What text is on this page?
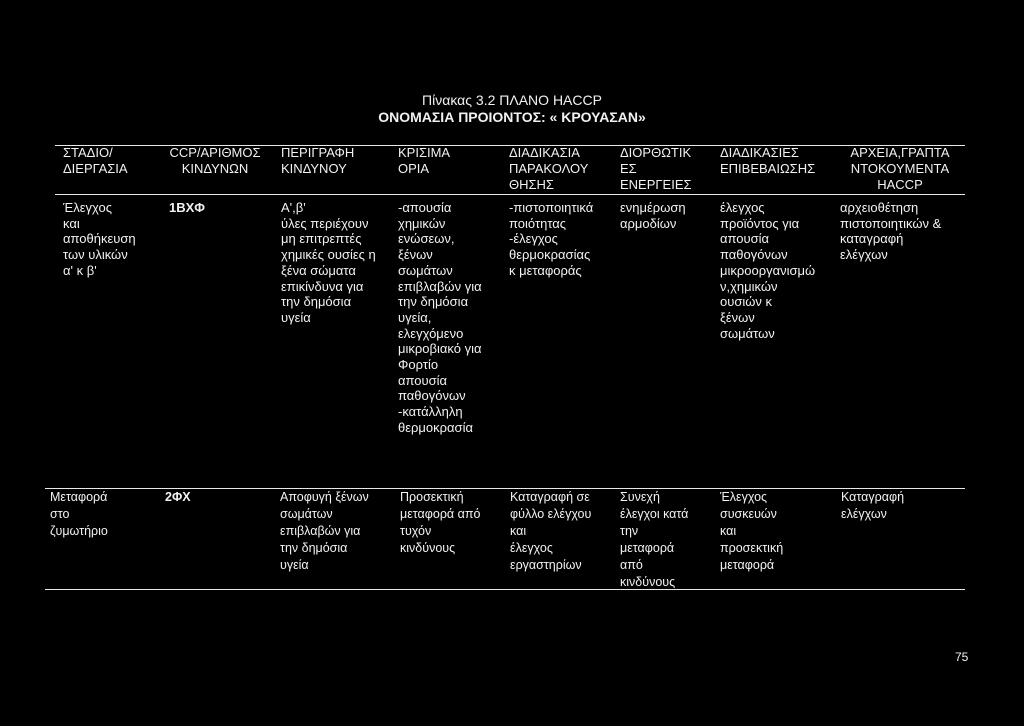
Πίνακας 3.2 ΠΛΑΝΟ HACCP
ΟΝΟΜΑΣΙΑ ΠΡΟΙΟΝΤΟΣ: « ΚΡΟΥΑΣΑΝ»
ΣΤΑΔΙΟ/
ΔΙΕΡΓΑΣΙΑ
CCP/ΑΡΙΘΜΟΣ
ΚΙΝΔΥΝΩΝ
ΠΕΡΙΓΡΑΦΗ
ΚΙΝΔΥΝΟΥ
ΚΡΙΣΙΜΑ
ΟΡΙΑ
ΔΙΑΔΙΚΑΣΙΑ
ΠΑΡΑΚΟΛΟΥ
ΘΗΣΗΣ
ΔΙΟΡΘΩΤΙΚ
ΕΣ
ΕΝΕΡΓΕΙΕΣ
ΔΙΑΔΙΚΑΣΙΕΣ
ΕΠΙΒΕΒΑΙΩΣΗΣ
ΑΡΧΕΙΑ,ΓΡΑΠΤΑ
ΝΤΟΚΟΥΜΕΝΤΑ
HACCP
Έλεγχος
και
αποθήκευση
των υλικών
α' κ β'
1ΒΧΦ	Α',β'
ύλες περιέχουν
μη επιτρεπτές
χημικές ουσίες η
ξένα σώματα
επικίνδυνα για
την δημόσια
υγεία
-απουσία
χημικών
ενώσεων,
ξένων
σωμάτων
επιβλαβών για
την δημόσια
υγεία,
ελεγχόμενο
μικροβιακό για
Φορτίο
απουσία
παθογόνων
-κατάλληλη
θερμοκρασία
-πιστοποιητικά
ποιότητας
-έλεγχος
θερμοκρασίας
κ μεταφοράς
ενημέρωση
αρμοδίων
έλεγχος
προϊόντος για
απουσία
παθογόνων
μικροοργανισμώ
ν,χημικών
ουσιών κ
ξένων
σωμάτων
αρχειοθέτηση
πιστοποιητικών &
καταγραφή
ελέγχων
Μεταφορά
στο
ζυμωτήριο
2ΦΧ	Αποφυγή ξένων
σωμάτων
επιβλαβών για
την δημόσια
υγεία
Προσεκτική
μεταφορά από
τυχόν
κινδύνους
Καταγραφή σε
φύλλο ελέγχου
και
έλεγχος
εργαστηρίων
Συνεχή
έλεγχοι κατά
την
μεταφορά
από
κινδύνους
Έλεγχος
συσκευών
και
προσεκτική
μεταφορά
Καταγραφή
ελέγχων
75
